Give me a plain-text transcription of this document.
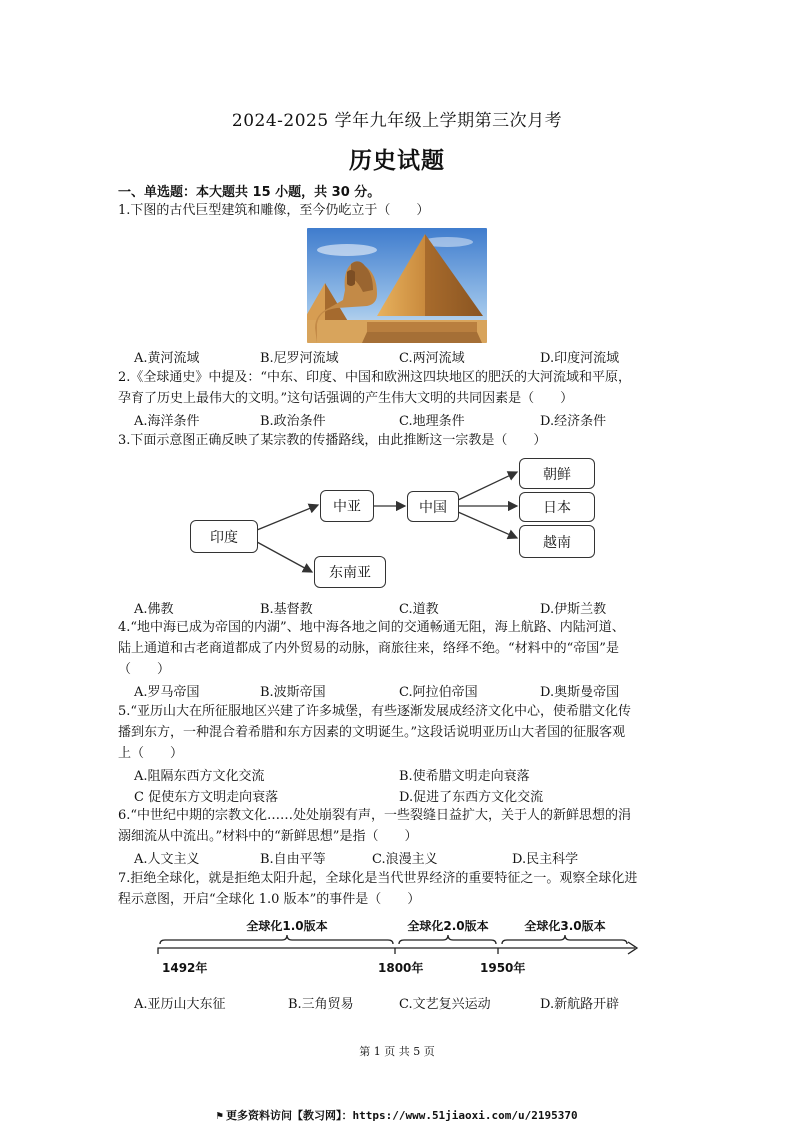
2024-2025 学年九年级上学期第三次月考
历史试题
一、单选题：本大题共 15 小题，共 30 分。
1.下图的古代巨型建筑和雕像，至今仍屹立于（　　）
A.黄河流域	B.尼罗河流域	C.两河流域	D.印度河流域
2.《全球通史》中提及：“中东、印度、中国和欧洲这四块地区的肥沃的大河流域和平原，
孕育了历史上最伟大的文明。”这句话强调的产生伟大文明的共同因素是（　　）
A.海洋条件	B.政治条件	C.地理条件	D.经济条件
3.下面示意图正确反映了某宗教的传播路线，由此推断这一宗教是（　　）
印度
中亚
东南亚
中国
朝鲜
日本
越南
A.佛教	B.基督教	C.道教	D.伊斯兰教
4.“地中海已成为帝国的内湖”、地中海各地之间的交通畅通无阻，海上航路、内陆河道、
陆上通道和古老商道都成了内外贸易的动脉，商旅往来，络绎不绝。“材料中的“帝国”是
（　　）
A.罗马帝国	B.波斯帝国	C.阿拉伯帝国	D.奥斯曼帝国
5.“亚历山大在所征服地区兴建了许多城堡，有些逐渐发展成经济文化中心，使希腊文化传
播到东方，一种混合着希腊和东方因素的文明诞生。”这段话说明亚历山大者国的征服客观
上（　　）
A.阻隔东西方文化交流	B.使希腊文明走向衰落
C 促使东方文明走向衰落	D.促进了东西方文化交流
6.“中世纪中期的宗教文化……处处崩裂有声，一些裂缝日益扩大，关于人的新鲜思想的涓
溺细流从中流出。”材料中的“新鲜思想”是指（　　）
A.人文主义	B.自由平等	C.浪漫主义	D.民主科学
7.拒绝全球化，就是拒绝太阳升起，全球化是当代世界经济的重要特征之一。观察全球化进
程示意图，开启“全球化 1.0 版本”的事件是（　　）
全球化1.0版本	全球化2.0版本	全球化3.0版本
1492年	1800年	1950年
A.亚历山大东征	B.三角贸易	C.文艺复兴运动	D.新航路开辟
第 1 页 共 5 页
⚑ 更多资料访问【教习网】：https://www.51jiaoxi.com/u/2195370
